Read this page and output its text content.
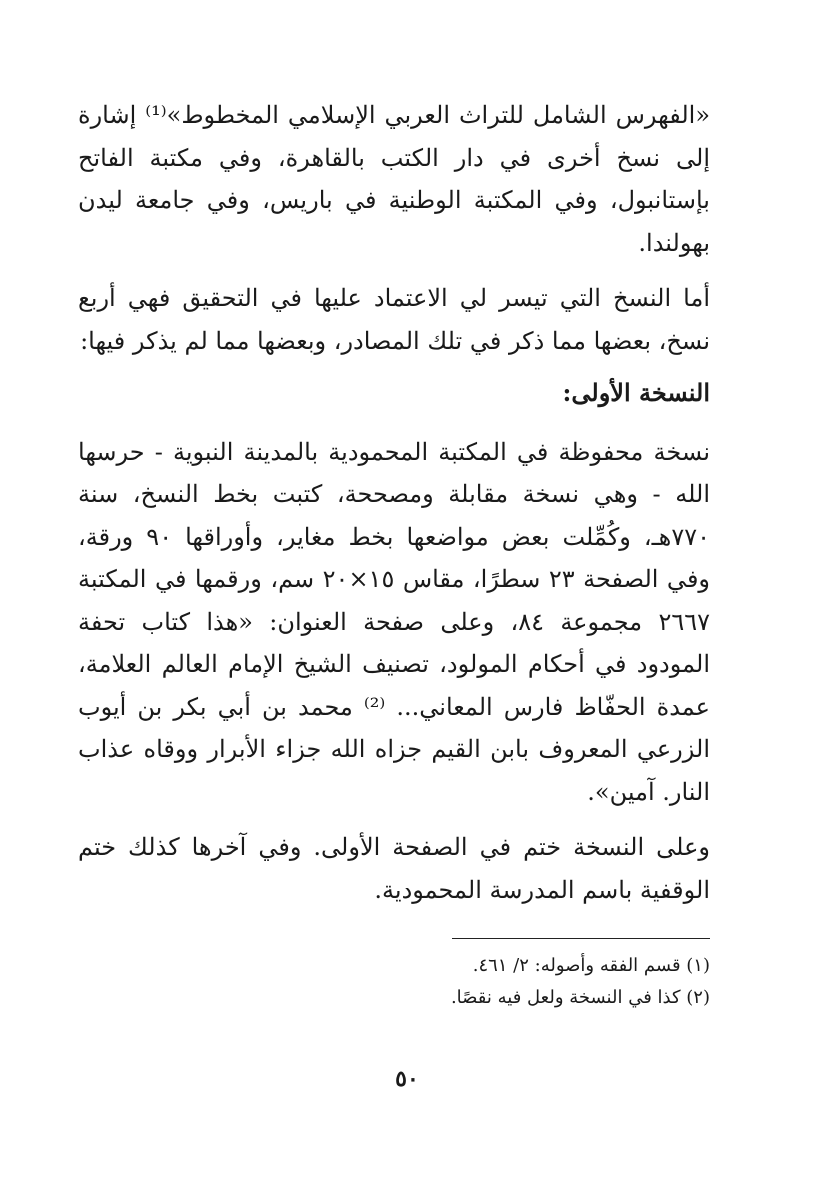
«الفهرس الشامل للتراث العربي الإسلامي المخطوط»⁽¹⁾ إشارة إلى نسخ أخرى في دار الكتب بالقاهرة، وفي مكتبة الفاتح بإستانبول، وفي المكتبة الوطنية في باريس، وفي جامعة ليدن بهولندا.

أما النسخ التي تيسر لي الاعتماد عليها في التحقيق فهي أربع نسخ، بعضها مما ذكر في تلك المصادر، وبعضها مما لم يذكر فيها:

النسخة الأولى:

نسخة محفوظة في المكتبة المحمودية بالمدينة النبوية - حرسها الله - وهي نسخة مقابلة ومصححة، كتبت بخط النسخ، سنة ٧٧٠هـ، وكُمِّلت بعض مواضعها بخط مغاير، وأوراقها ٩٠ ورقة، وفي الصفحة ٢٣ سطرًا، مقاس ١٥×٢٠ سم، ورقمها في المكتبة ٢٦٦٧ مجموعة ٨٤، وعلى صفحة العنوان: «هذا كتاب تحفة المودود في أحكام المولود، تصنيف الشيخ الإمام العالم العلامة، عمدة الحفّاظ فارس المعاني... ⁽²⁾ محمد بن أبي بكر بن أيوب الزرعي المعروف بابن القيم جزاه الله جزاء الأبرار ووقاه عذاب النار. آمين».

وعلى النسخة ختم في الصفحة الأولى. وفي آخرها كذلك ختم الوقفية باسم المدرسة المحمودية.

(١) قسم الفقه وأصوله: ٢/ ٤٦١.

(٢) كذا في النسخة ولعل فيه نقصًا.

٥٠
